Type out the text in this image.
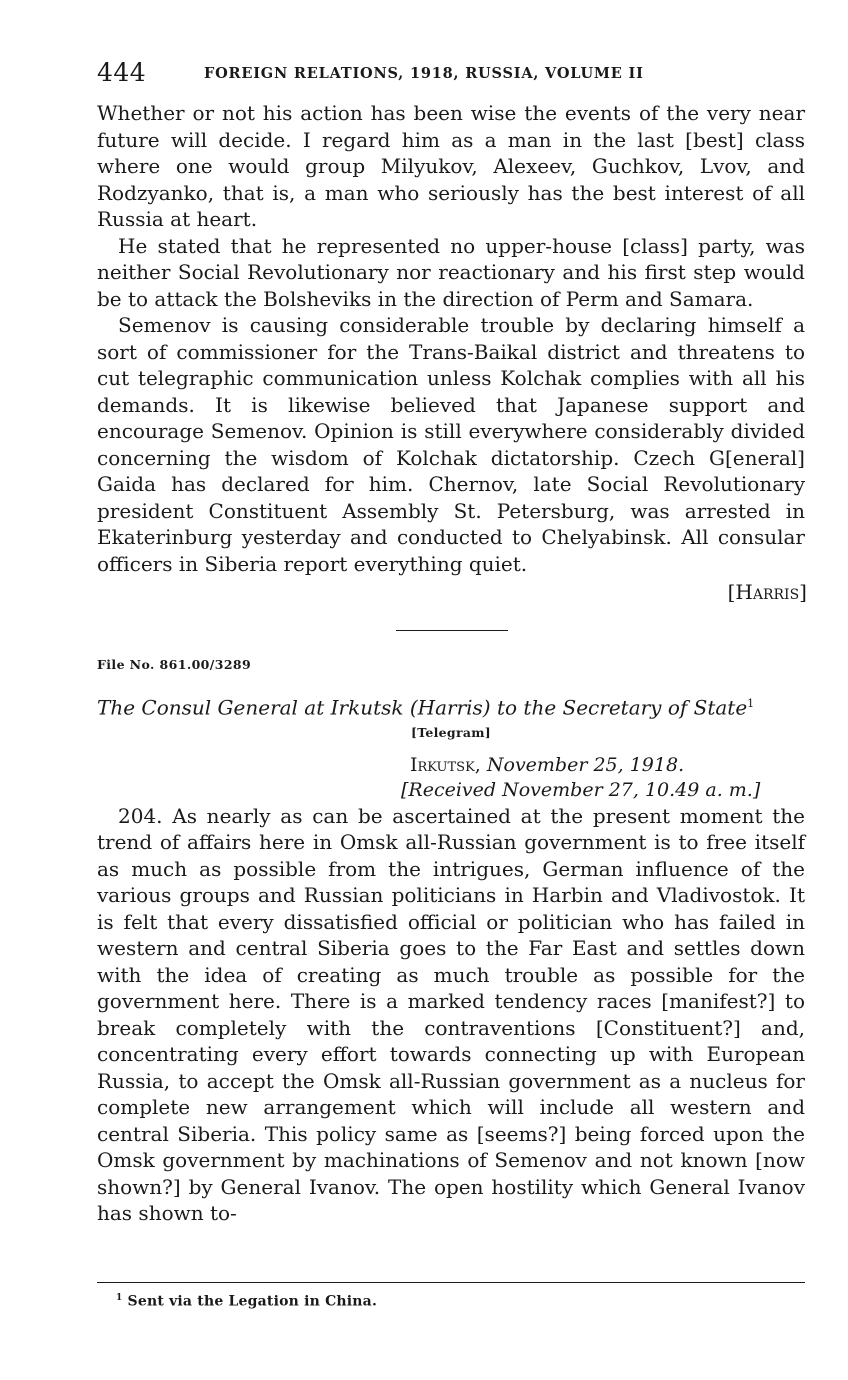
444	FOREIGN RELATIONS, 1918, RUSSIA, VOLUME II

Whether or not his action has been wise the events of the very near future will decide. I regard him as a man in the last [best] class where one would group Milyukov, Alexeev, Guchkov, Lvov, and Rodzyanko, that is, a man who seriously has the best interest of all Russia at heart.

He stated that he represented no upper-house [class] party, was neither Social Revolutionary nor reactionary and his first step would be to attack the Bolsheviks in the direction of Perm and Samara.

Semenov is causing considerable trouble by declaring himself a sort of commissioner for the Trans-Baikal district and threatens to cut telegraphic communication unless Kolchak complies with all his demands. It is likewise believed that Japanese support and encourage Semenov. Opinion is still everywhere considerably divided concerning the wisdom of Kolchak dictatorship. Czech G[eneral] Gaida has declared for him. Chernov, late Social Revolutionary president Constituent Assembly St. Petersburg, was arrested in Ekaterinburg yesterday and conducted to Chelyabinsk. All consular officers in Siberia report everything quiet.

[Harris]
File No. 861.00/3289
The Consul General at Irkutsk (Harris) to the Secretary of State$^1$
[Telegram]
Irkutsk, November 25, 1918.
[Received November 27, 10.49 a. m.]

204. As nearly as can be ascertained at the present moment the trend of affairs here in Omsk all-Russian government is to free itself as much as possible from the intrigues, German influence of the various groups and Russian politicians in Harbin and Vladivostok. It is felt that every dissatisfied official or politician who has failed in western and central Siberia goes to the Far East and settles down with the idea of creating as much trouble as possible for the government here. There is a marked tendency races [manifest?] to break completely with the contraventions [Constituent?] and, concentrating every effort towards connecting up with European Russia, to accept the Omsk all-Russian government as a nucleus for complete new arrangement which will include all western and central Siberia. This policy same as [seems?] being forced upon the Omsk government by machinations of Semenov and not known [now shown?] by General Ivanov. The open hostility which General Ivanov has shown to-

$^1$ Sent via the Legation in China.
